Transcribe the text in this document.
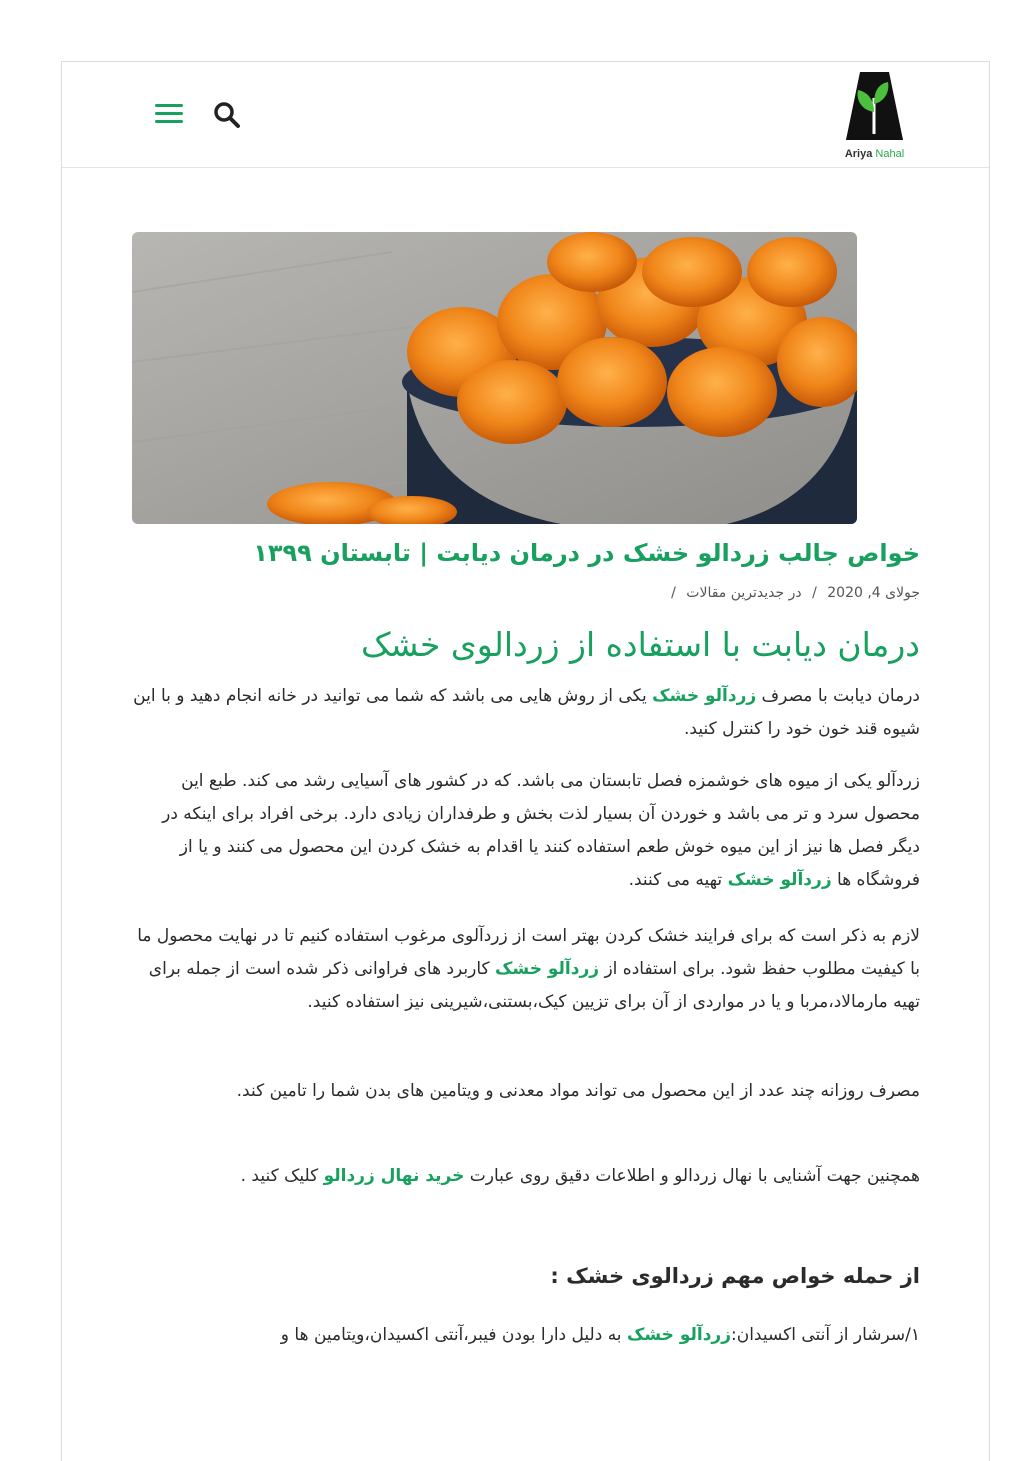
Ariya Nahal
خواص جالب زردالو خشک در درمان دیابت | تابستان ۱۳۹۹
جولای 4, 2020 / در جدیدترین مقالات /
درمان دیابت با استفاده از زردالوی خشک

درمان دیابت با مصرف زردآلو خشک یکی از روش هایی می باشد که شما می توانید در خانه انجام دهید و با این شیوه قند خون خود را کنترل کنید.

زردآلو یکی از میوه های خوشمزه فصل تابستان می باشد. که در کشور های آسیایی رشد می کند. طبع این محصول سرد و تر می باشد و خوردن آن بسیار لذت بخش و طرفداران زیادی دارد. برخی افراد برای اینکه در دیگر فصل ها نیز از این میوه خوش طعم استفاده کنند یا اقدام به خشک کردن این محصول می کنند و یا از فروشگاه ها زردآلو خشک تهیه می کنند.

لازم به ذکر است که برای فرایند خشک کردن بهتر است از زردآلوی مرغوب استفاده کنیم تا در نهایت محصول ما با کیفیت مطلوب حفظ شود. برای استفاده از زردآلو خشک کاربرد های فراوانی ذکر شده است از جمله برای تهیه مارمالاد،مربا و یا در مواردی از آن برای تزیین کیک،بستنی،شیرینی نیز استفاده کنید.

مصرف روزانه چند عدد از این محصول می تواند مواد معدنی و ویتامین های بدن شما را تامین کند.

همچنین جهت آشنایی با نهال زردالو و اطلاعات دقیق روی عبارت خرید نهال زردالو کلیک کنید .

از حمله خواص مهم زردالوی خشک :

۱/سرشار از آنتی اکسیدان:زردآلو خشک به دلیل دارا بودن فیبر،آنتی اکسیدان،ویتامین ها و
